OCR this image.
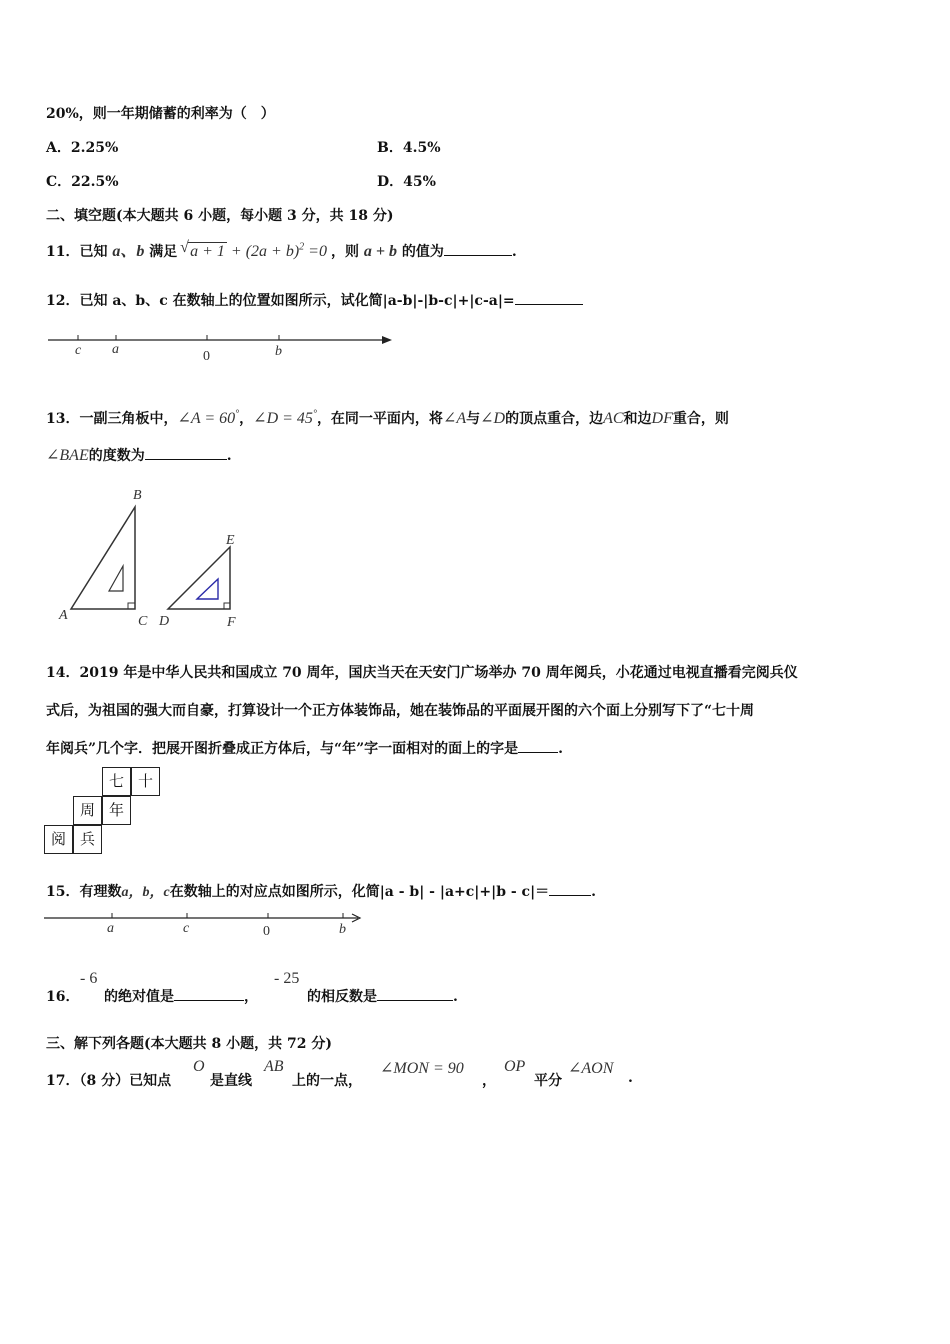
20%，则一年期储蓄的利率为（　）
A．2.25%	B．4.5%
C．22.5%	D．45%
二、填空题(本大题共 6 小题，每小题 3 分，共 18 分)
11．已知 a、b 满足 √ $a + 1 + (2a + b)^2 =0$ ，则 a + b 的值为	.
12．已知 a、b、c 在数轴上的位置如图所示，试化简|a-b|-|b-c|+|c-a|=
c a	0	b
13．一副三角板中，∠A = 60°，∠D = 45°，在同一平面内，将∠A与∠D的顶点重合，边AC和边DF重合，则
∠BAE的度数为	.
B
A	C
E
D	F
14．2019 年是中华人民共和国成立 70 周年，国庆当天在天安门广场举办 70 周年阅兵，小花通过电视直播看完阅兵仪
式后，为祖国的强大而自豪，打算设计一个正方体装饰品，她在装饰品的平面展开图的六个面上分别写下了“七十周
年阅兵”几个字．把展开图折叠成正方体后，与“年”字一面相对的面上的字是	.
七 十
周 年
阅 兵
15．有理数a，b，c在数轴上的对应点如图所示，化简|a - b| - |a+c|+|b - c|＝	.
a	c	0	b
16．
- 6
的绝对值是	，
- 25
的相反数是	.
三、解下列各题(本大题共 8 小题，共 72 分)
17．（8 分）已知点
O
是直线
AB
上的一点，
∠MON = 90
，
OP
平分
∠AON
.
